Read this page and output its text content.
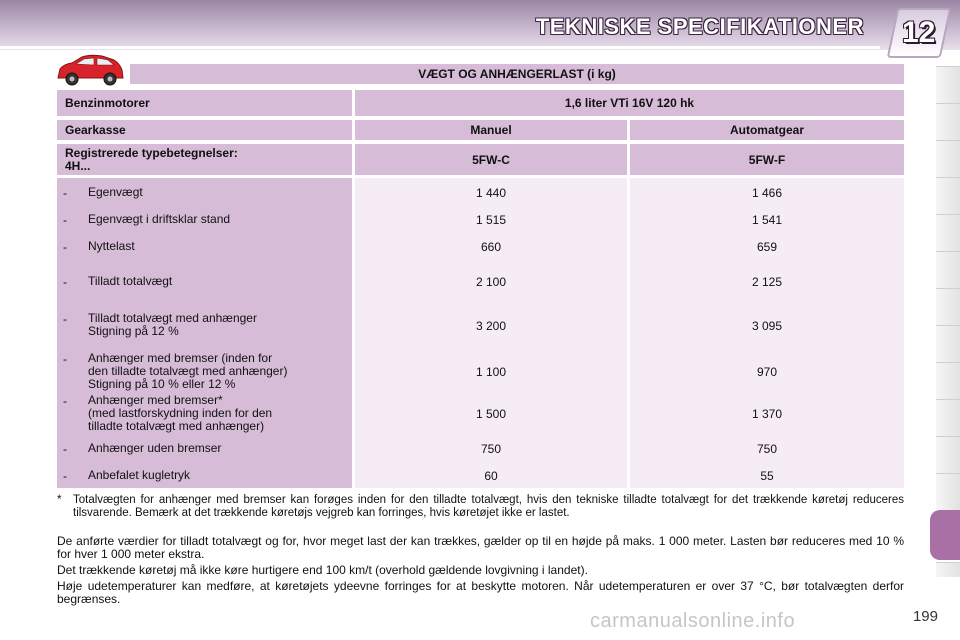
TEKNISKE SPECIFIKATIONER 12
VÆGT OG ANHÆNGERLAST (i kg)
Benzinmotorer	1,6 liter VTi 16V 120 hk
Gearkasse	Manuel	Automatgear
Registrerede typebetegnelser:
4H...	5FW-C	5FW-F
- Egenvægt	1 440	1 466
- Egenvægt i driftsklar stand	1 515	1 541
- Nyttelast	660	659
- Tilladt totalvægt	2 100	2 125
- Tilladt totalvægt med anhænger
Stigning på 12 %	3 200	3 095
- Anhænger med bremser (inden for
den tilladte totalvægt med anhænger)
Stigning på 10 % eller 12 %
1 100	970
- Anhænger med bremser*
(med lastforskydning inden for den
tilladte totalvægt med anhænger)
1 500	1 370
- Anhænger uden bremser	750	750
- Anbefalet kugletryk	60	55
* Totalvægten for anhænger med bremser kan forøges inden for den tilladte totalvægt, hvis den tekniske tilladte totalvægt for det trækkende køretøj reduceres tilsvarende. Bemærk at det trækkende køretøjs vejgreb kan forringes, hvis køretøjet ikke er lastet.
De anførte værdier for tilladt totalvægt og for, hvor meget last der kan trækkes, gælder op til en højde på maks. 1 000 meter. Lasten bør reduceres med 10 % for hver 1 000 meter ekstra.
Det trækkende køretøj må ikke køre hurtigere end 100 km/t (overhold gældende lovgivning i landet).
Høje udetemperaturer kan medføre, at køretøjets ydeevne forringes for at beskytte motoren. Når udetemperaturen er over 37 °C, bør totalvægten derfor begrænses.
199
carmanualsonline.info
